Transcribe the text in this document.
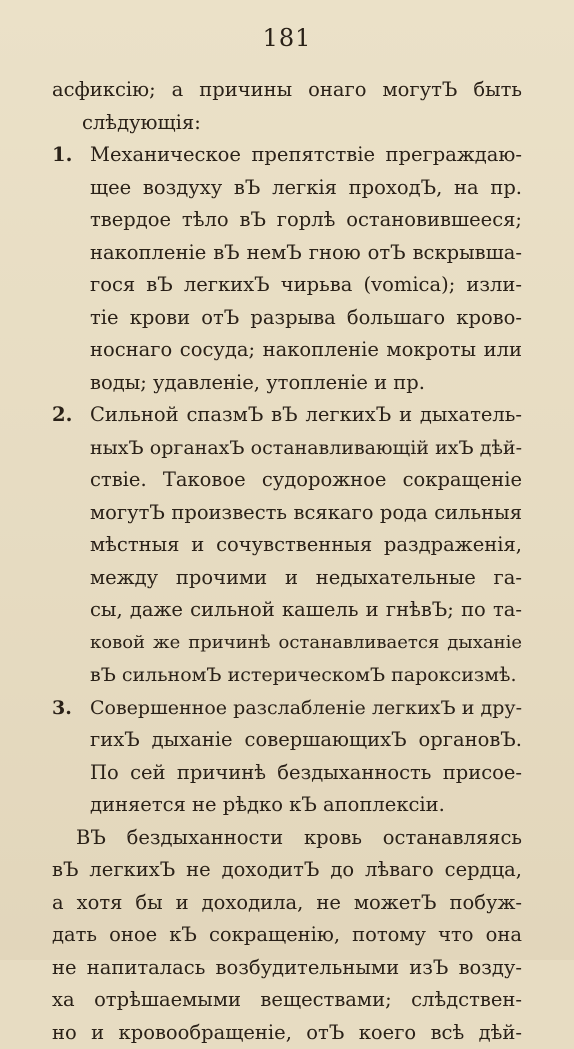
181
асфиксію; а причины онаго могутЪ быть
слѣдующія:
1. Механическое препятствіе преграждаю-
щее воздуху вЪ легкія проходЪ, на пр.
твердое тѣло вЪ горлѣ остановившееся;
накопленіе вЪ немЪ гною отЪ вскрывша-
гося вЪ легкихЪ чирьва (vomica); изли-
тіе крови отЪ разрыва большаго крово-
носнаго сосуда; накопленіе мокроты или
воды; удавленіе, утопленіе и пр.
2. Сильной спазмЪ вЪ легкихЪ и дыхатель-
ныхЪ органахЪ останавливающій ихЪ дѣй-
ствіе. Таковое судорожное сокращеніе
могутЪ произвесть всякаго рода сильныя
мѣстныя и сочувственныя раздраженія,
между прочими и недыхательные га-
сы, даже сильной кашель и гнѣвЪ; по та-
ковой же причинѣ останавливается дыханіе
вЪ сильномЪ истерическомЪ пароксизмѣ.
3. Совершенное разслабленіе легкихЪ и дру-
гихЪ дыханіе совершающихЪ органовЪ.
По сей причинѣ бездыханность присое-
диняется не рѣдко кЪ апоплексіи.
ВЪ бездыханности кровь останавляясь
вЪ легкихЪ не доходитЪ до лѣваго сердца,
а хотя бы и доходила, не можетЪ побуж-
дать оное кЪ сокращенію, потому что она
не напиталась возбудительными изЪ возду-
ха отрѣшаемыми веществами; слѣдствен-
но и кровообращеніе, отЪ коего всѣ дѣй-
